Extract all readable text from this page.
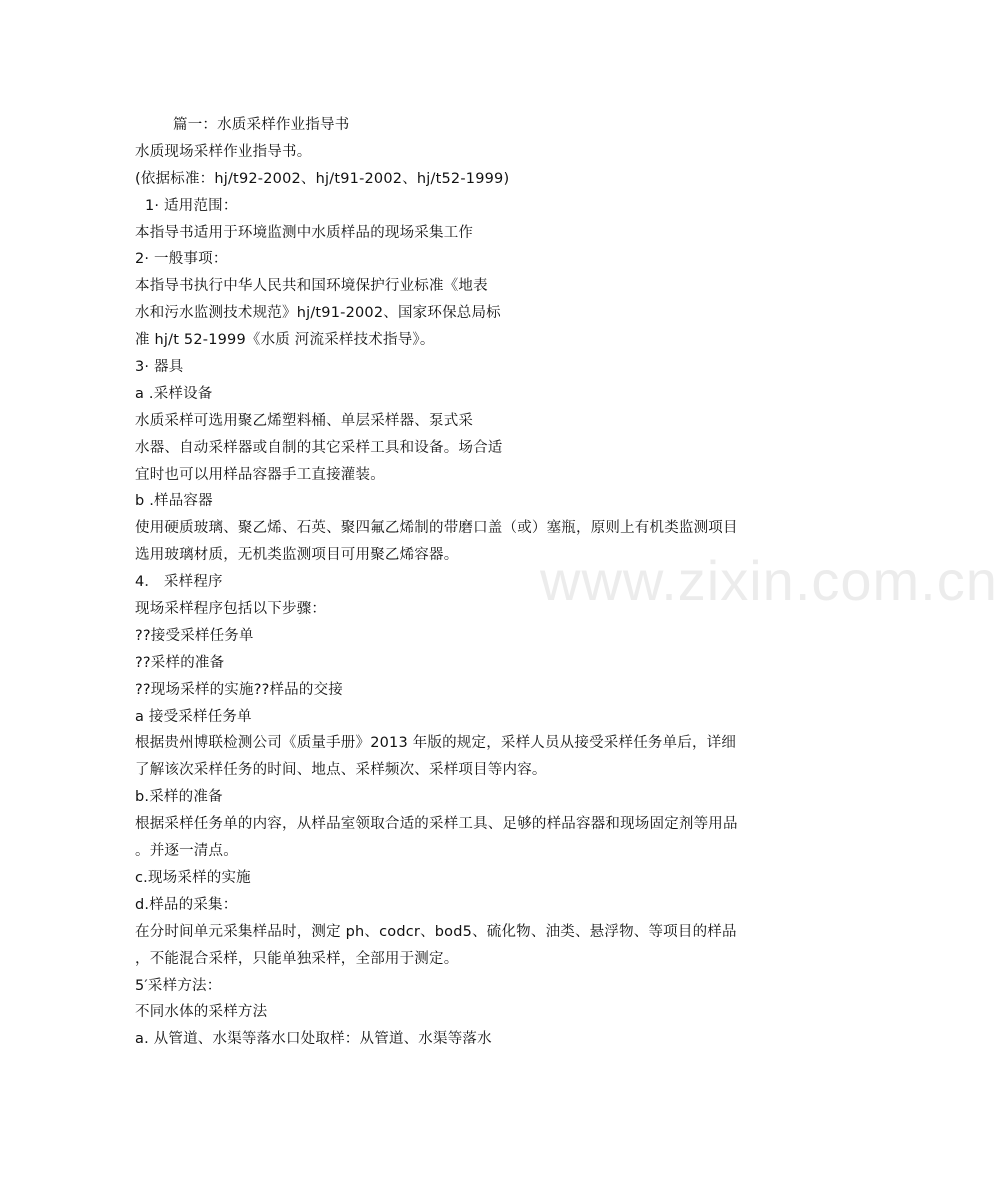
篇一：水质采样作业指导书
水质现场采样作业指导书。
(依据标准：hj/t92-2002、hj/t91-2002、hj/t52-1999)
1· 适用范围：
本指导书适用于环境监测中水质样品的现场采集工作
2· 一般事项：
本指导书执行中华人民共和国环境保护行业标准《地表
水和污水监测技术规范》hj/t91-2002、国家环保总局标
准 hj/t 52-1999《水质 河流采样技术指导》。
3· 器具
a .采样设备
水质采样可选用聚乙烯塑料桶、单层采样器、泵式采
水器、自动采样器或自制的其它采样工具和设备。场合适
宜时也可以用样品容器手工直接灌装。
b .样品容器
使用硬质玻璃、聚乙烯、石英、聚四氟乙烯制的带磨口盖（或）塞瓶，原则上有机类监测项目
选用玻璃材质，无机类监测项目可用聚乙烯容器。
4． 采样程序
现场采样程序包括以下步骤：
??接受采样任务单
??采样的准备
??现场采样的实施??样品的交接
a 接受采样任务单
根据贵州博联检测公司《质量手册》2013 年版的规定，采样人员从接受采样任务单后，详细
了解该次采样任务的时间、地点、采样频次、采样项目等内容。
b.采样的准备
根据采样任务单的内容，从样品室领取合适的采样工具、足够的样品容器和现场固定剂等用品
。并逐一清点。
c.现场采样的实施
d.样品的采集：
在分时间单元采集样品时，测定 ph、codcr、bod5、硫化物、油类、悬浮物、等项目的样品
，不能混合采样，只能单独采样，全部用于测定。
5′采样方法：
不同水体的采样方法
a. 从管道、水渠等落水口处取样：从管道、水渠等落水
www.zixin.com.cn
